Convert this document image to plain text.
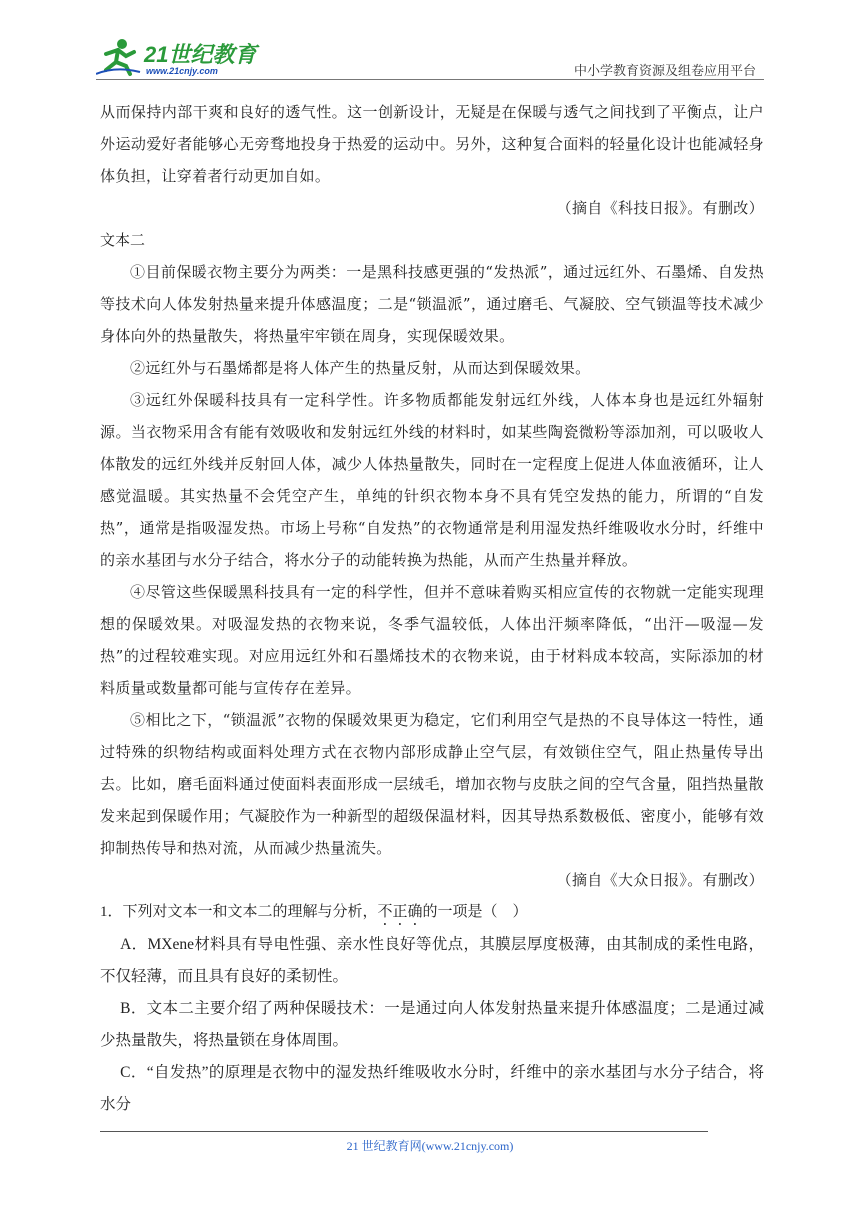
21世纪教育
www.21cnjy.com	中小学教育资源及组卷应用平台

从而保持内部干爽和良好的透气性。这一创新设计，无疑是在保暖与透气之间找到了平衡点，让户外运动爱好者能够心无旁骛地投身于热爱的运动中。另外，这种复合面料的轻量化设计也能减轻身体负担，让穿着者行动更加自如。

（摘自《科技日报》。有删改）

文本二

①目前保暖衣物主要分为两类：一是黑科技感更强的“发热派”，通过远红外、石墨烯、自发热等技术向人体发射热量来提升体感温度；二是“锁温派”，通过磨毛、气凝胶、空气锁温等技术减少身体向外的热量散失，将热量牢牢锁在周身，实现保暖效果。

②远红外与石墨烯都是将人体产生的热量反射，从而达到保暖效果。

③远红外保暖科技具有一定科学性。许多物质都能发射远红外线，人体本身也是远红外辐射源。当衣物采用含有能有效吸收和发射远红外线的材料时，如某些陶瓷微粉等添加剂，可以吸收人体散发的远红外线并反射回人体，减少人体热量散失，同时在一定程度上促进人体血液循环，让人感觉温暖。其实热量不会凭空产生，单纯的针织衣物本身不具有凭空发热的能力，所谓的“自发热”，通常是指吸湿发热。市场上号称“自发热”的衣物通常是利用湿发热纤维吸收水分时，纤维中的亲水基团与水分子结合，将水分子的动能转换为热能，从而产生热量并释放。

④尽管这些保暖黑科技具有一定的科学性，但并不意味着购买相应宣传的衣物就一定能实现理想的保暖效果。对吸湿发热的衣物来说，冬季气温较低，人体出汗频率降低，“出汗—吸湿—发热”的过程较难实现。对应用远红外和石墨烯技术的衣物来说，由于材料成本较高，实际添加的材料质量或数量都可能与宣传存在差异。

⑤相比之下，“锁温派”衣物的保暖效果更为稳定，它们利用空气是热的不良导体这一特性，通过特殊的织物结构或面料处理方式在衣物内部形成静止空气层，有效锁住空气，阻止热量传导出去。比如，磨毛面料通过使面料表面形成一层绒毛，增加衣物与皮肤之间的空气含量，阻挡热量散发来起到保暖作用；气凝胶作为一种新型的超级保温材料，因其导热系数极低、密度小，能够有效抑制热传导和热对流，从而减少热量流失。

（摘自《大众日报》。有删改）

1．下列对文本一和文本二的理解与分析，不正确的一项是（　）

A．MXene材料具有导电性强、亲水性良好等优点，其膜层厚度极薄，由其制成的柔性电路，不仅轻薄，而且具有良好的柔韧性。

B．文本二主要介绍了两种保暖技术：一是通过向人体发射热量来提升体感温度；二是通过减少热量散失，将热量锁在身体周围。

C．“自发热”的原理是衣物中的湿发热纤维吸收水分时，纤维中的亲水基团与水分子结合，将水分

21 世纪教育网(www.21cnjy.com)
